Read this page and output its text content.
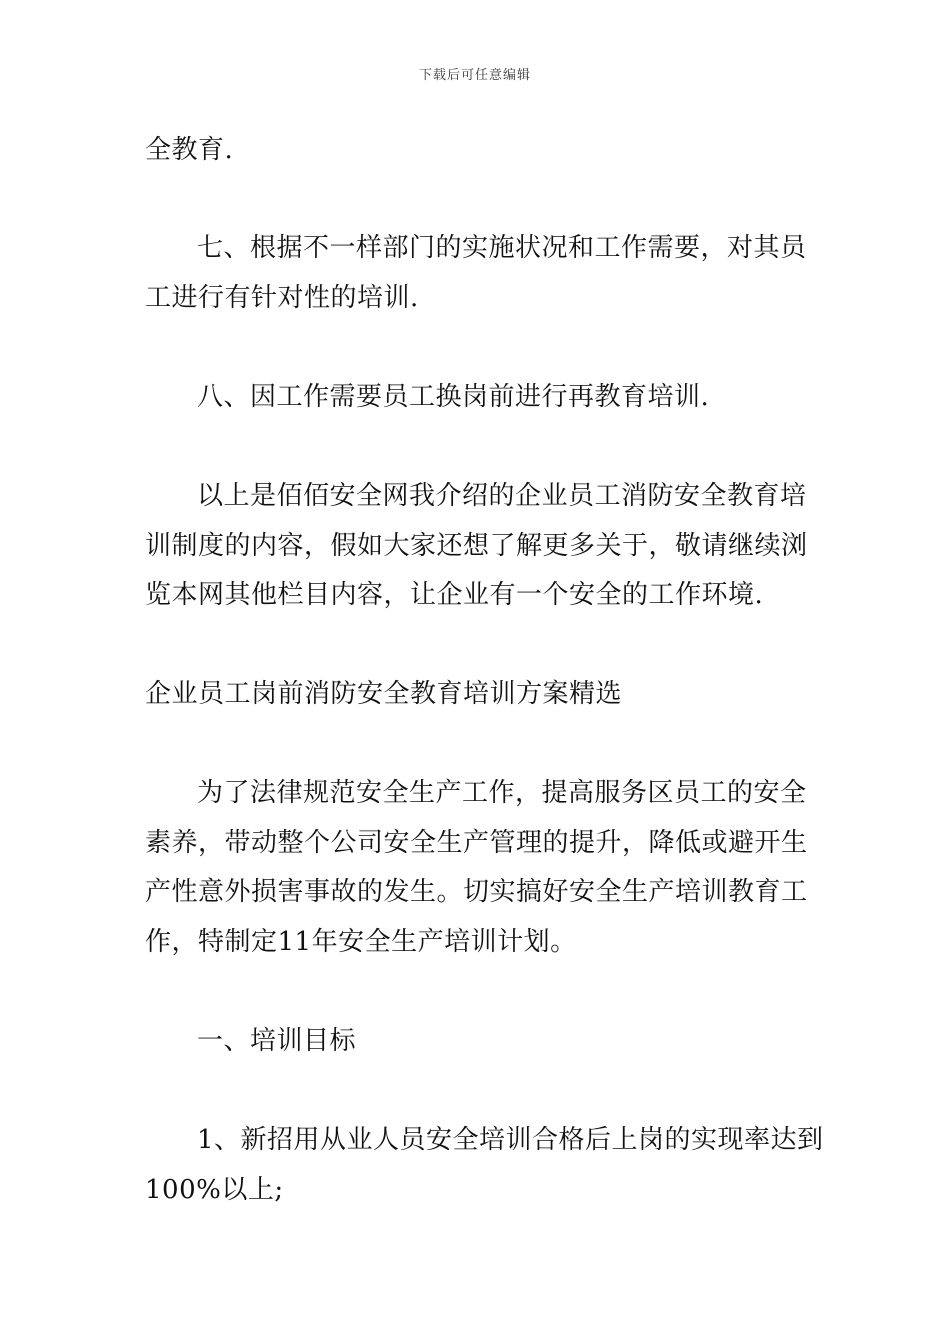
下载后可任意编辑
全教育.
七、根据不一样部门的实施状况和工作需要，对其员
工进行有针对性的培训.
八、因工作需要员工换岗前进行再教育培训.
以上是佰佰安全网我介绍的企业员工消防安全教育培
训制度的内容，假如大家还想了解更多关于，敬请继续浏
览本网其他栏目内容，让企业有一个安全的工作环境.
企业员工岗前消防安全教育培训方案精选
为了法律规范安全生产工作，提高服务区员工的安全
素养，带动整个公司安全生产管理的提升，降低或避开生
产性意外损害事故的发生。切实搞好安全生产培训教育工
作，特制定11年安全生产培训计划。
一、培训目标
1、新招用从业人员安全培训合格后上岗的实现率达到
100%以上;
